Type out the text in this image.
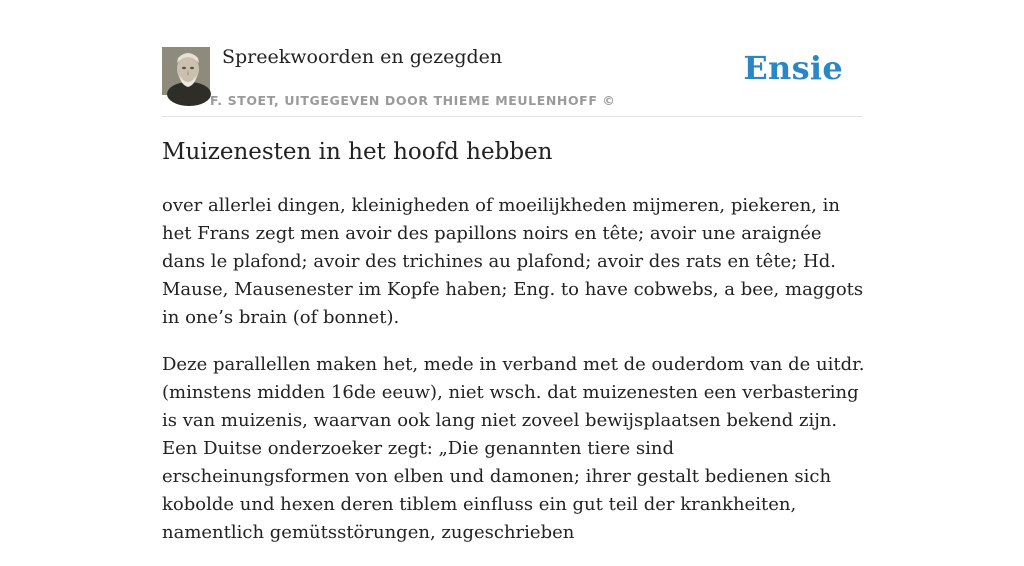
Spreekwoorden en gezegden
F. STOET, UITGEGEVEN DOOR THIEME MEULENHOFF ©
Ensie
Muizenesten in het hoofd hebben

over allerlei dingen, kleinigheden of moeilijkheden mijmeren, piekeren, in het Frans zegt men avoir des papillons noirs en tête; avoir une araignée dans le plafond; avoir des trichines au plafond; avoir des rats en tête; Hd. Mause, Mausenester im Kopfe haben; Eng. to have cobwebs, a bee, maggots in one’s brain (of bonnet).

Deze parallellen maken het, mede in verband met de ouderdom van de uitdr. (minstens midden 16de eeuw), niet wsch. dat muizenesten een verbastering is van muizenis, waarvan ook lang niet zoveel bewijsplaatsen bekend zijn. Een Duitse onderzoeker zegt: „Die genannten tiere sind erscheinungsformen von elben und damonen; ihrer gestalt bedienen sich kobolde und hexen deren tiblem einfluss ein gut teil der krankheiten, namentlich gemütsstörungen, zugeschrieben
